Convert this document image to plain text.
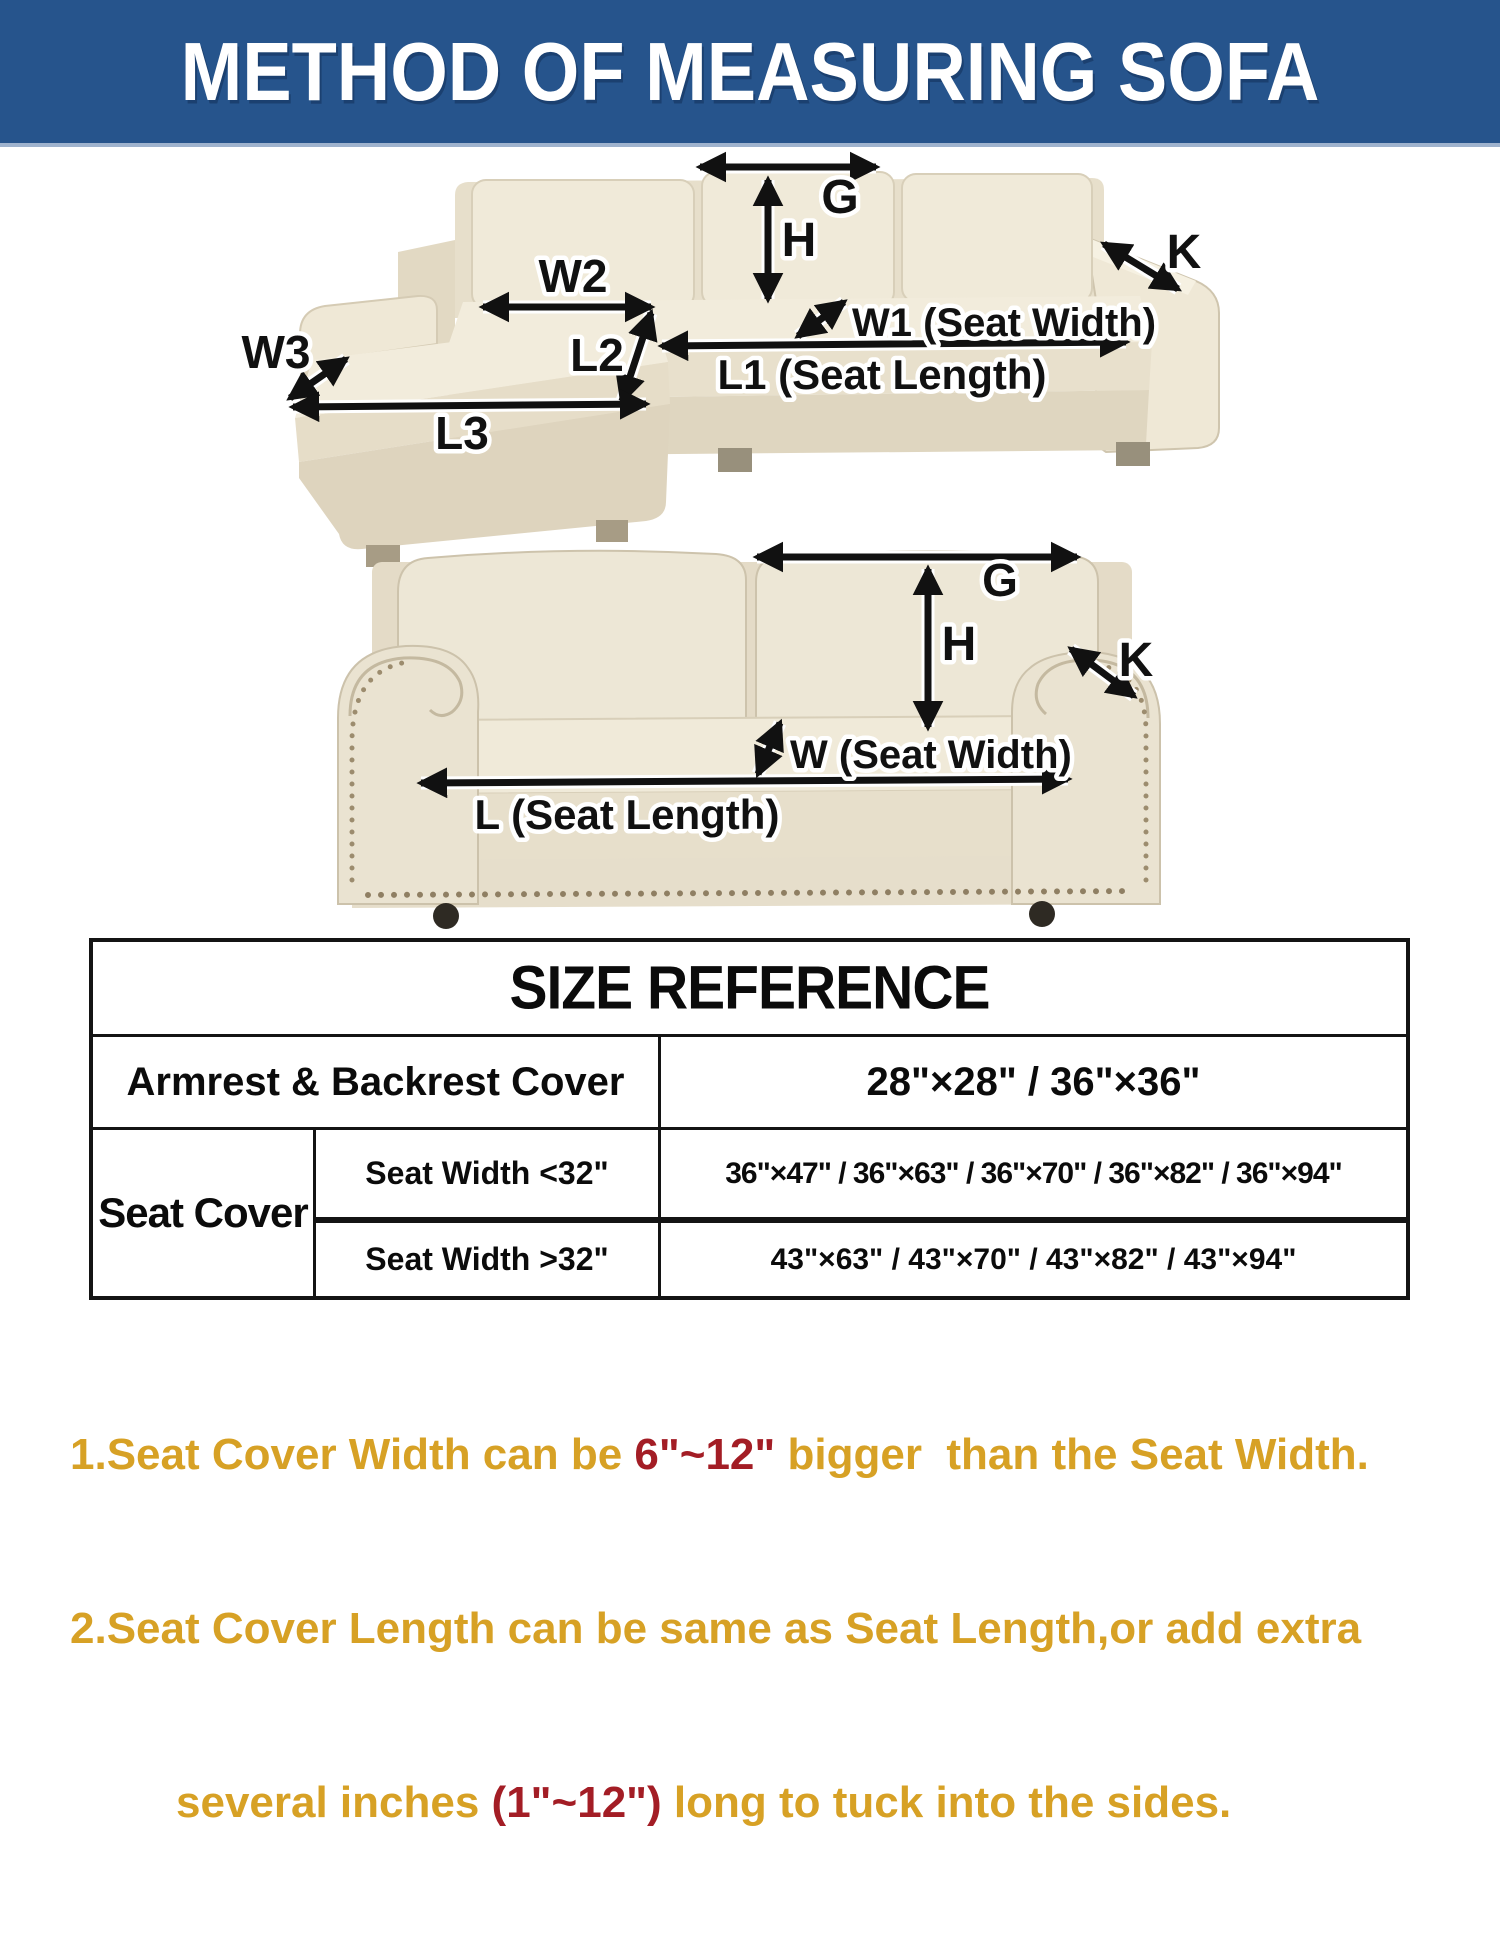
METHOD OF MEASURING SOFA
G
H	K
W1 (Seat Width)
L1 (Seat Length)
W2
L2
W3
L3
G
H	K
W (Seat Width)
L (Seat Length)
SIZE REFERENCE
Armrest & Backrest Cover	28"×28" / 36"×36"
Seat Cover
Seat Width <32"	36"×47" / 36"×63" / 36"×70" / 36"×82" / 36"×94"
Seat Width >32"	43"×63" / 43"×70" / 43"×82" / 43"×94"

1.Seat Cover Width can be 6"~12" bigger  than the Seat Width.

2.Seat Cover Length can be same as Seat Length,or add extra

several inches (1"~12") long to tuck into the sides.
